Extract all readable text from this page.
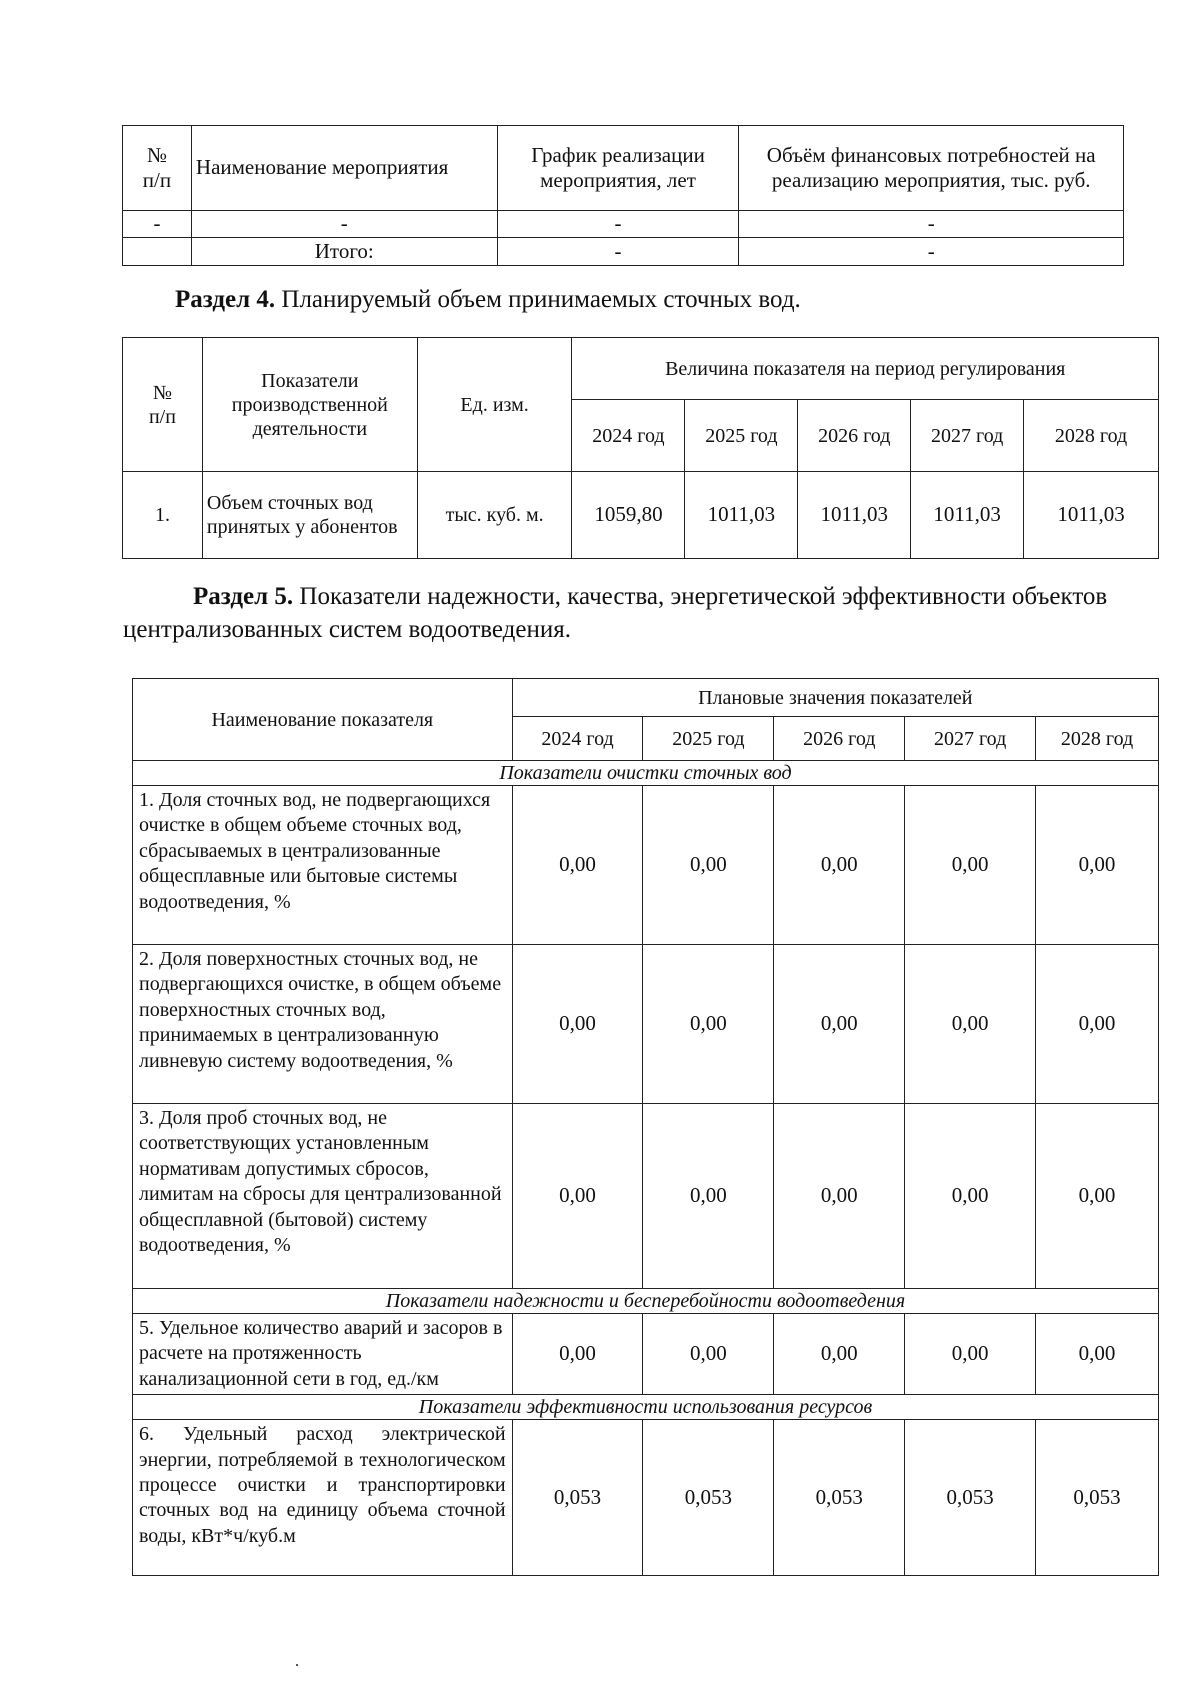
№
п/п	Наименование мероприятия	График реализации мероприятия, лет	Объём финансовых потребностей на реализацию мероприятия, тыс. руб.
-	-	-	-
	Итого:	-	-
Раздел 4. Планируемый объем принимаемых сточных вод.
№
п/п	Показатели производственной деятельности	Ед. изм.	Величина показателя на период регулирования				
			2024 год	2025 год	2026 год	2027 год	2028 год
1.	Объем сточных вод принятых у абонентов	тыс. куб. м.	1059,80	1011,03	1011,03	1011,03	1011,03
Раздел 5. Показатели надежности, качества, энергетической эффективности объектов централизованных систем водоотведения.
Наименование показателя	Плановые значения показателей				
	2024 год	2025 год	2026 год	2027 год	2028 год
Показатели очистки сточных вод					
1. Доля сточных вод, не подвергающихся очистке в общем объеме сточных вод, сбрасываемых в централизованные общесплавные или бытовые системы водоотведения, %	0,00	0,00	0,00	0,00	0,00
2. Доля поверхностных сточных вод, не подвергающихся очистке, в общем объеме поверхностных сточных вод, принимаемых в централизованную ливневую систему водоотведения, %	0,00	0,00	0,00	0,00	0,00
3. Доля проб сточных вод, не соответствующих установленным нормативам допустимых сбросов, лимитам на сбросы для централизованной общесплавной (бытовой) систему водоотведения, %	0,00	0,00	0,00	0,00	0,00
Показатели надежности и бесперебойности водоотведения					
5. Удельное количество аварий и засоров в расчете на протяженность канализационной сети в год, ед./км	0,00	0,00	0,00	0,00	0,00
Показатели эффективности использования ресурсов					
6. Удельный расход электрической энергии, потребляемой в технологическом процессе очистки и транспортировки сточных вод на единицу объема сточной воды, кВт*ч/куб.м	0,053	0,053	0,053	0,053	0,053
